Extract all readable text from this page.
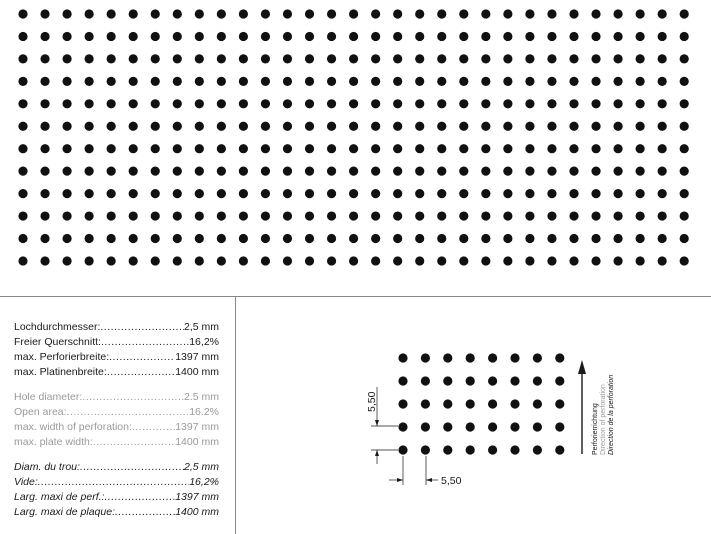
Lochdurchmesser: .....	2,5 mm
Freier Querschnitt: .....	16,2%
max. Perforierbreite: .....	1397 mm
max. Platinenbreite: .....	1400 mm
Hole diameter: .....	2.5 mm
Open area: .....	16.2%
max. width of perforation: .....	1397 mm
max. plate width: .....	1400 mm
Diam. du trou: .....	2,5 mm
Vide: .....	16,2%
Larg. maxi de perf.: .....	1397 mm
Larg. maxi de plaque: .....	1400 mm
5,50
5,50
Perforierrichtung Direction of perforation Direction de la perforation
